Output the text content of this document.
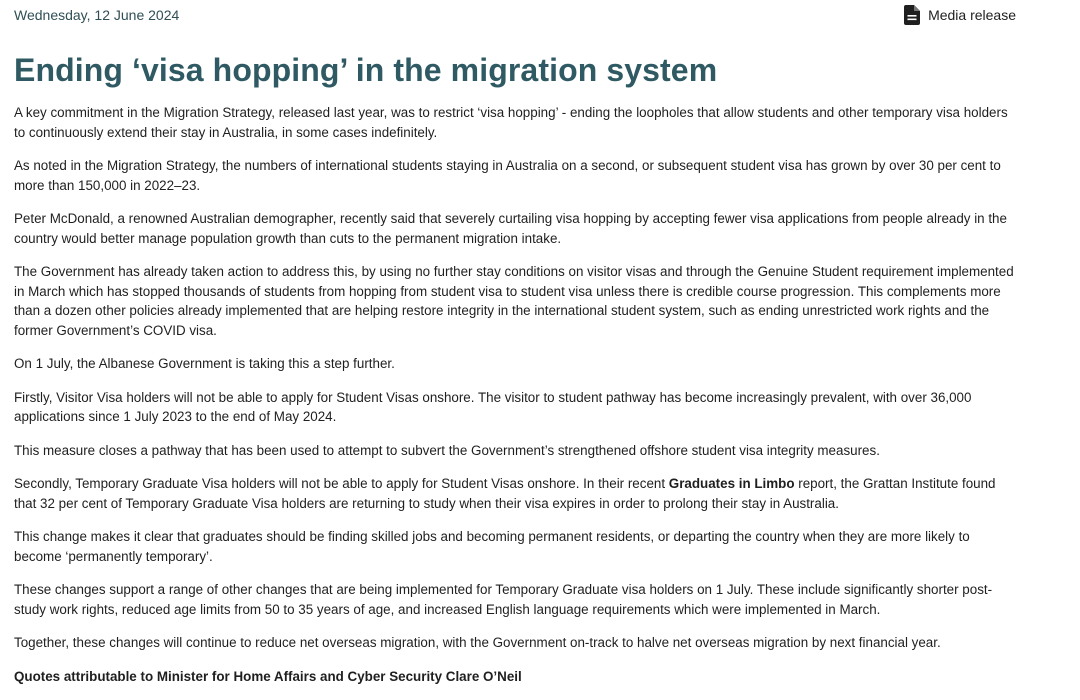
Wednesday, 12 June 2024	Media release
Ending ‘visa hopping’ in the migration system

A key commitment in the Migration Strategy, released last year, was to restrict ‘visa hopping’ - ending the loopholes that allow students and other temporary visa holders to continuously extend their stay in Australia, in some cases indefinitely.

As noted in the Migration Strategy, the numbers of international students staying in Australia on a second, or subsequent student visa has grown by over 30 per cent to more than 150,000 in 2022–23.

Peter McDonald, a renowned Australian demographer, recently said that severely curtailing visa hopping by accepting fewer visa applications from people already in the country would better manage population growth than cuts to the permanent migration intake.

The Government has already taken action to address this, by using no further stay conditions on visitor visas and through the Genuine Student requirement implemented in March which has stopped thousands of students from hopping from student visa to student visa unless there is credible course progression. This complements more than a dozen other policies already implemented that are helping restore integrity in the international student system, such as ending unrestricted work rights and the former Government’s COVID visa.

On 1 July, the Albanese Government is taking this a step further.

Firstly, Visitor Visa holders will not be able to apply for Student Visas onshore. The visitor to student pathway has become increasingly prevalent, with over 36,000 applications since 1 July 2023 to the end of May 2024.

This measure closes a pathway that has been used to attempt to subvert the Government’s strengthened offshore student visa integrity measures.

Secondly, Temporary Graduate Visa holders will not be able to apply for Student Visas onshore. In their recent Graduates in Limbo report, the Grattan Institute found that 32 per cent of Temporary Graduate Visa holders are returning to study when their visa expires in order to prolong their stay in Australia.

This change makes it clear that graduates should be finding skilled jobs and becoming permanent residents, or departing the country when they are more likely to become ‘permanently temporary’.

These changes support a range of other changes that are being implemented for Temporary Graduate visa holders on 1 July. These include significantly shorter post-study work rights, reduced age limits from 50 to 35 years of age, and increased English language requirements which were implemented in March.

Together, these changes will continue to reduce net overseas migration, with the Government on-track to halve net overseas migration by next financial year.

Quotes attributable to Minister for Home Affairs and Cyber Security Clare O’Neil
